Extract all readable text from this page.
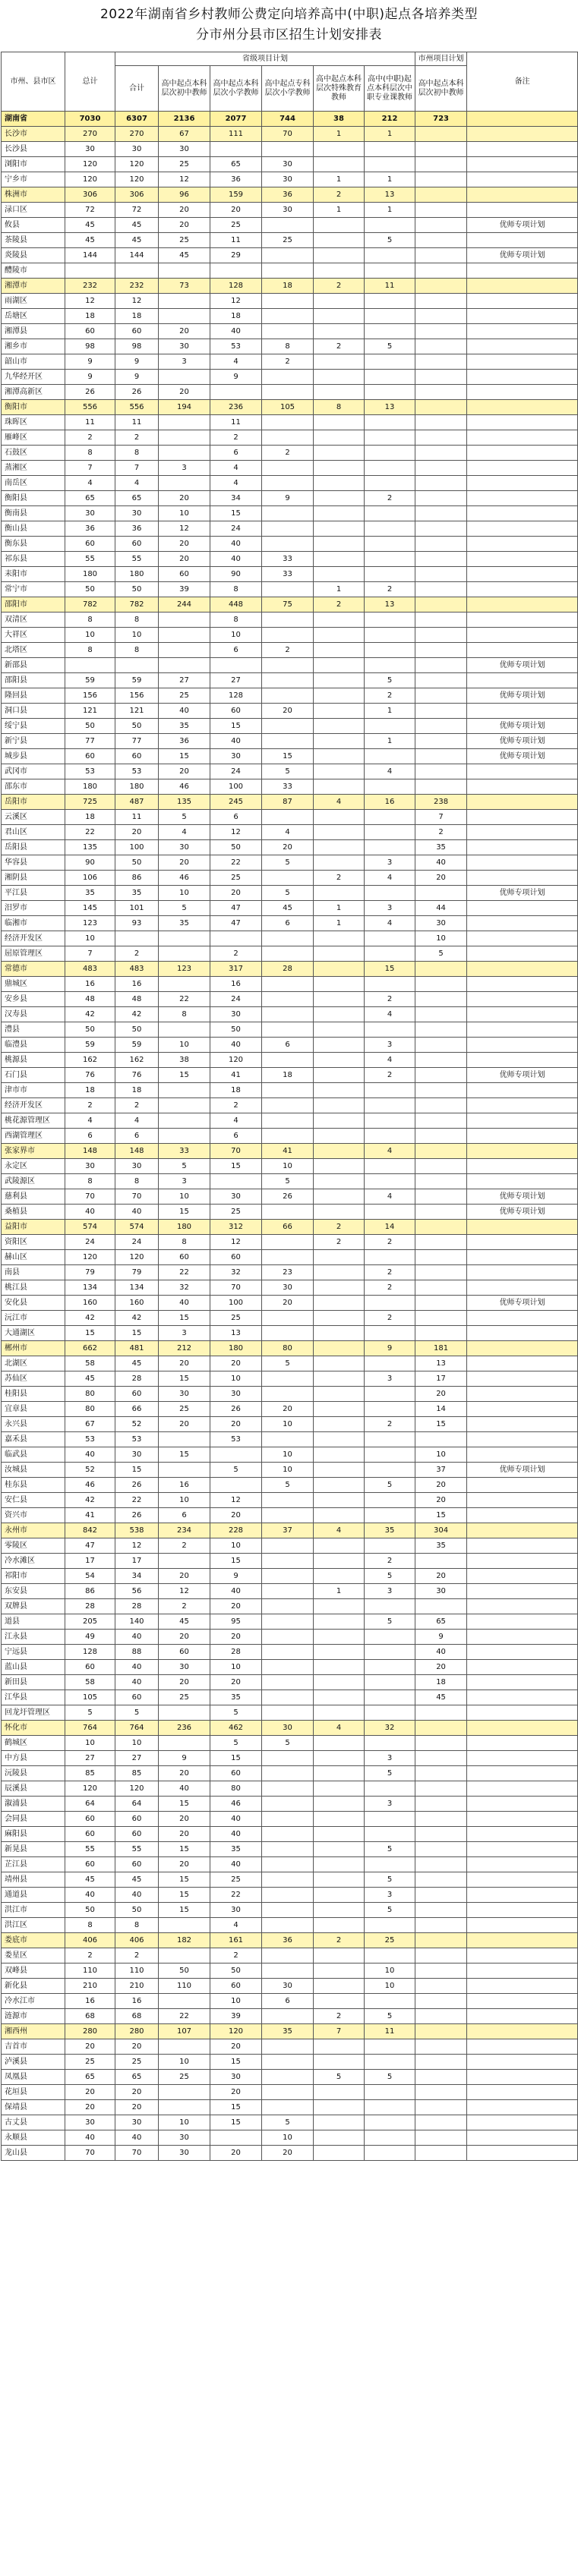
2022年湖南省乡村教师公费定向培养高中(中职)起点各培养类型
分市州分县市区招生计划安排表
市州、县市区	总计	省级项目计划						市州项目计划	备注
		合计	高中起点本科层次初中教师	高中起点本科层次小学教师	高中起点专科层次小学教师	高中起点本科层次特殊教育教师	高中(中职)起点本科层次中职专业课教师	高中起点本科层次初中教师	
湖南省	7030	6307	2136	2077	744	38	212	723	
长沙市	270	270	67	111	70	1	1		
长沙县	30	30	30						
浏阳市	120	120	25	65	30				
宁乡市	120	120	12	36	30	1	1		
株洲市	306	306	96	159	36	2	13		
渌口区	72	72	20	20	30	1	1		
攸县	45	45	20	25					优师专项计划
茶陵县	45	45	25	11	25		5		
炎陵县	144	144	45	29					优师专项计划
醴陵市									
湘潭市	232	232	73	128	18	2	11		
雨湖区	12	12		12					
岳塘区	18	18		18					
湘潭县	60	60	20	40					
湘乡市	98	98	30	53	8	2	5		
韶山市	9	9	3	4	2				
九华经开区	9	9		9					
湘潭高新区	26	26	20						
衡阳市	556	556	194	236	105	8	13		
珠晖区	11	11		11					
雁峰区	2	2		2					
石鼓区	8	8		6	2				
蒸湘区	7	7	3	4					
南岳区	4	4		4					
衡阳县	65	65	20	34	9		2		
衡南县	30	30	10	15					
衡山县	36	36	12	24					
衡东县	60	60	20	40					
祁东县	55	55	20	40	33				
耒阳市	180	180	60	90	33				
常宁市	50	50	39	8		1	2		
邵阳市	782	782	244	448	75	2	13		
双清区	8	8		8					
大祥区	10	10		10					
北塔区	8	8		6	2				
新邵县									优师专项计划
邵阳县	59	59	27	27			5		
隆回县	156	156	25	128			2		优师专项计划
洞口县	121	121	40	60	20		1		
绥宁县	50	50	35	15					优师专项计划
新宁县	77	77	36	40			1		优师专项计划
城步县	60	60	15	30	15				优师专项计划
武冈市	53	53	20	24	5		4		
邵东市	180	180	46	100	33				
岳阳市	725	487	135	245	87	4	16	238	
云溪区	18	11	5	6				7	
君山区	22	20	4	12	4			2	
岳阳县	135	100	30	50	20			35	
华容县	90	50	20	22	5		3	40	
湘阴县	106	86	46	25		2	4	20	
平江县	35	35	10	20	5				优师专项计划
汨罗市	145	101	5	47	45	1	3	44	
临湘市	123	93	35	47	6	1	4	30	
经济开发区	10							10	
屈原管理区	7	2		2				5	
常德市	483	483	123	317	28		15		
鼎城区	16	16		16					
安乡县	48	48	22	24			2		
汉寿县	42	42	8	30			4		
澧县	50	50		50					
临澧县	59	59	10	40	6		3		
桃源县	162	162	38	120			4		
石门县	76	76	15	41	18		2		优师专项计划
津市市	18	18		18					
经济开发区	2	2		2					
桃花源管理区	4	4		4					
西湖管理区	6	6		6					
张家界市	148	148	33	70	41		4		
永定区	30	30	5	15	10				
武陵源区	8	8	3		5				
慈利县	70	70	10	30	26		4		优师专项计划
桑植县	40	40	15	25					优师专项计划
益阳市	574	574	180	312	66	2	14		
资阳区	24	24	8	12		2	2		
赫山区	120	120	60	60					
南县	79	79	22	32	23		2		
桃江县	134	134	32	70	30		2		
安化县	160	160	40	100	20				优师专项计划
沅江市	42	42	15	25			2		
大通湖区	15	15	3	13					
郴州市	662	481	212	180	80		9	181	
北湖区	58	45	20	20	5			13	
苏仙区	45	28	15	10			3	17	
桂阳县	80	60	30	30				20	
宜章县	80	66	25	26	20			14	
永兴县	67	52	20	20	10		2	15	
嘉禾县	53	53		53					
临武县	40	30	15		10			10	
汝城县	52	15		5	10			37	优师专项计划
桂东县	46	26	16		5		5	20	
安仁县	42	22	10	12				20	
资兴市	41	26	6	20				15	
永州市	842	538	234	228	37	4	35	304	
零陵区	47	12	2	10				35	
冷水滩区	17	17		15			2		
祁阳市	54	34	20	9			5	20	
东安县	86	56	12	40		1	3	30	
双牌县	28	28	2	20					
道县	205	140	45	95			5	65	
江永县	49	40	20	20				9	
宁远县	128	88	60	28				40	
蓝山县	60	40	30	10				20	
新田县	58	40	20	20				18	
江华县	105	60	25	35				45	
回龙圩管理区	5	5		5					
怀化市	764	764	236	462	30	4	32		
鹤城区	10	10		5	5				
中方县	27	27	9	15			3		
沅陵县	85	85	20	60			5		
辰溪县	120	120	40	80					
溆浦县	64	64	15	46			3		
会同县	60	60	20	40					
麻阳县	60	60	20	40					
新晃县	55	55	15	35			5		
芷江县	60	60	20	40					
靖州县	45	45	15	25			5		
通道县	40	40	15	22			3		
洪江市	50	50	15	30			5		
洪江区	8	8		4					
娄底市	406	406	182	161	36	2	25		
娄星区	2	2		2					
双峰县	110	110	50	50			10		
新化县	210	210	110	60	30		10		
冷水江市	16	16		10	6				
涟源市	68	68	22	39		2	5		
湘西州	280	280	107	120	35	7	11		
吉首市	20	20		20					
泸溪县	25	25	10	15					
凤凰县	65	65	25	30		5	5		
花垣县	20	20		20					
保靖县	20	20		15					
古丈县	30	30	10	15	5				
永顺县	40	40	30		10				
龙山县	70	70	30	20	20				
